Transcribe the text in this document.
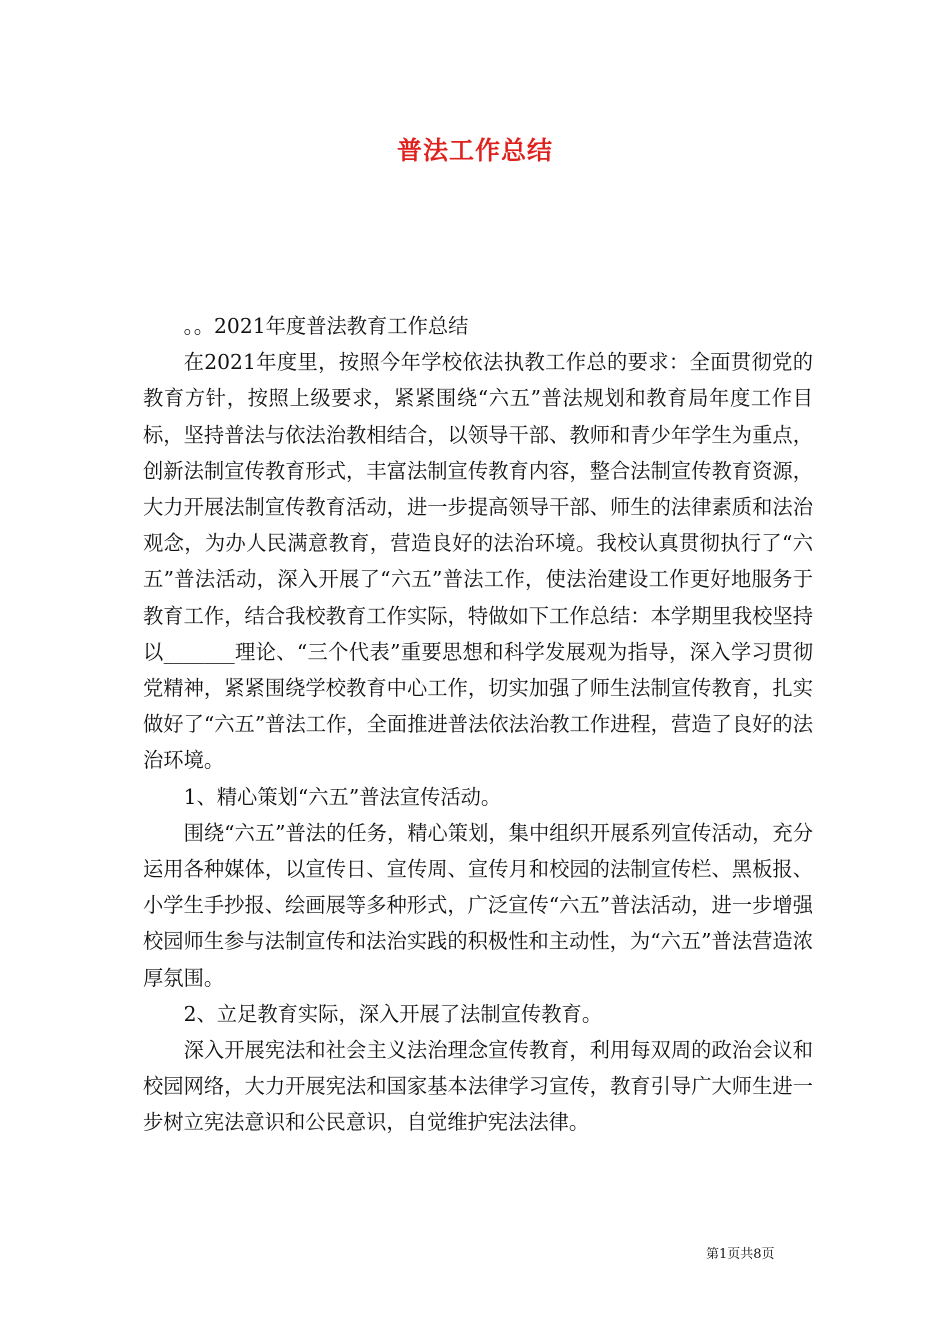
普法工作总结

。。2021年度普法教育工作总结

在2021年度里，按照今年学校依法执教工作总的要求：全面贯彻党的教育方针，按照上级要求，紧紧围绕“六五”普法规划和教育局年度工作目标，坚持普法与依法治教相结合，以领导干部、教师和青少年学生为重点，创新法制宣传教育形式，丰富法制宣传教育内容，整合法制宣传教育资源，大力开展法制宣传教育活动，进一步提高领导干部、师生的法律素质和法治观念，为办人民满意教育，营造良好的法治环境。我校认真贯彻执行了“六五”普法活动，深入开展了“六五”普法工作，使法治建设工作更好地服务于教育工作，结合我校教育工作实际，特做如下工作总结：本学期里我校坚持以_______理论、“三个代表”重要思想和科学发展观为指导，深入学习贯彻党精神，紧紧围绕学校教育中心工作，切实加强了师生法制宣传教育，扎实做好了“六五”普法工作，全面推进普法依法治教工作进程，营造了良好的法治环境。

1、精心策划“六五”普法宣传活动。

围绕“六五”普法的任务，精心策划，集中组织开展系列宣传活动，充分运用各种媒体，以宣传日、宣传周、宣传月和校园的法制宣传栏、黑板报、小学生手抄报、绘画展等多种形式，广泛宣传“六五”普法活动，进一步增强校园师生参与法制宣传和法治实践的积极性和主动性，为“六五”普法营造浓厚氛围。

2、立足教育实际，深入开展了法制宣传教育。

深入开展宪法和社会主义法治理念宣传教育，利用每双周的政治会议和校园网络，大力开展宪法和国家基本法律学习宣传，教育引导广大师生进一步树立宪法意识和公民意识，自觉维护宪法法律。

第1页共8页
